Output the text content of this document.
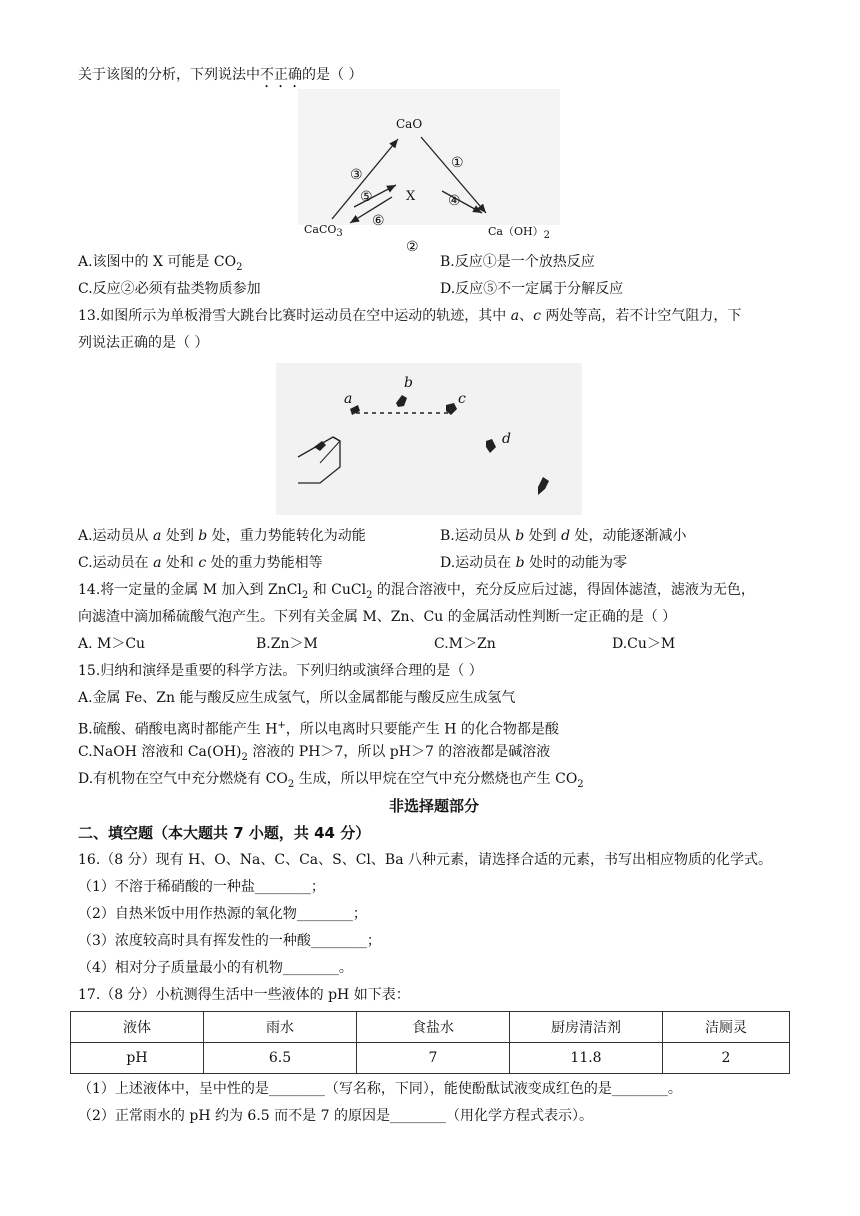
关于该图的分析，下列说法中不正确的是（ ）
CaO
CaCO$_3$	$Ca(OH)_2$
X
①
③
⑤	④
⑥
②
A.该图中的 X 可能是 $CO_2$	B.反应①是一个放热反应
C.反应②必须有盐类物质参加	D.反应⑤不一定属于分解反应
13.如图所示为单板滑雪大跳台比赛时运动员在空中运动的轨迹，其中 a、c 两处等高，若不计空气阻力，下
列说法正确的是（ ）
a
b
c
d
A.运动员从 a 处到 b 处，重力势能转化为动能	B.运动员从 b 处到 d 处，动能逐渐减小
C.运动员在 a 处和 c 处的重力势能相等	D.运动员在 b 处时的动能为零
14.将一定量的金属 M 加入到 ZnCl$_2$ 和 CuCl$_2$ 的混合溶液中，充分反应后过滤，得固体滤渣，滤液为无色，
向滤渣中滴加稀硫酸气泡产生。下列有关金属 M、Zn、Cu 的金属活动性判断一定正确的是（ ）
A. M＞Cu	B.Zn＞M	C.M＞Zn	D.Cu＞M
15.归纳和演绎是重要的科学方法。下列归纳或演绎合理的是（ ）
A.金属 Fe、Zn 能与酸反应生成氢气，所以金属都能与酸反应生成氢气
B.硫酸、硝酸电离时都能产生 H+，所以电离时只要能产生 H 的化合物都是酸
C.NaOH 溶液和 $Ca(OH)_2$ 溶液的 PH＞7，所以 pH＞7 的溶液都是碱溶液
D.有机物在空气中充分燃烧有 $CO_2$ 生成，所以甲烷在空气中充分燃烧也产生 $CO_2$
非选择题部分
二、填空题（本大题共 7 小题，共 44 分）
16.（8 分）现有 H、O、Na、C、Ca、S、Cl、Ba 八种元素，请选择合适的元素，书写出相应物质的化学式。
（1）不溶于稀硝酸的一种盐________；
（2）自热米饭中用作热源的氧化物________；
（3）浓度较高时具有挥发性的一种酸________；
（4）相对分子质量最小的有机物________。
17.（8 分）小杭测得生活中一些液体的 pH 如下表：
液体	雨水	食盐水	厨房清洁剂	洁厕灵
pH	6.5	7	11.8	2
（1）上述液体中，呈中性的是________（写名称，下同），能使酚酞试液变成红色的是________。
（2）正常雨水的 pH 约为 6.5 而不是 7 的原因是________（用化学方程式表示）。
